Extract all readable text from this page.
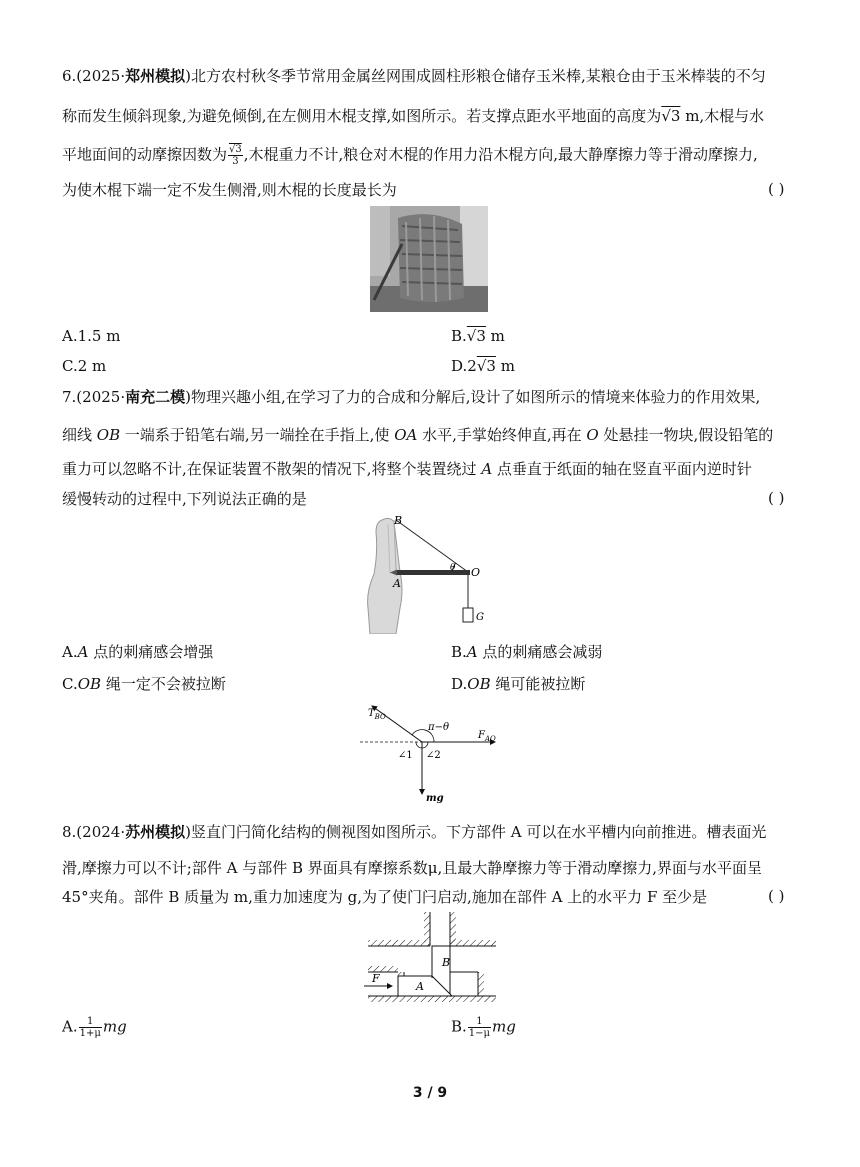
6.(2025·郑州模拟)北方农村秋冬季节常用金属丝网围成圆柱形粮仓储存玉米棒,某粮仓由于玉米棒装的不匀
称而发生倾斜现象,为避免倾倒,在左侧用木棍支撑,如图所示。若支撑点距水平地面的高度为√3 m,木棍与水
平地面间的动摩擦因数为 $\frac{√3}{3}$ ,木棍重力不计,粮仓对木棍的作用力沿木棍方向,最大静摩擦力等于滑动摩擦力,
为使木棍下端一定不发生侧滑,则木棍的长度最长为	( )
A.1.5 m	B.√3 m
C.2 m	D.2√3 m
7.(2025·南充二模)物理兴趣小组,在学习了力的合成和分解后,设计了如图所示的情境来体验力的作用效果,
细线 OB 一端系于铅笔右端,另一端拴在手指上,使 OA 水平,手掌始终伸直,再在 O 处悬挂一物块,假设铅笔的
重力可以忽略不计,在保证装置不散架的情况下,将整个装置绕过 A 点垂直于纸面的轴在竖直平面内逆时针
缓慢转动的过程中,下列说法正确的是	( )
B
O
A
G
θ
A.A 点的刺痛感会增强	B.A 点的刺痛感会减弱
C.OB 绳一定不会被拉断	D.OB 绳可能被拉断
$T_{BO}$
π−θ
$F_{AO}$
∠1 ∠2
mg
8.(2024·苏州模拟)竖直门闩简化结构的侧视图如图所示。下方部件 A 可以在水平槽内向前推进。槽表面光
滑,摩擦力可以不计;部件 A 与部件 B 界面具有摩擦系数μ,且最大静摩擦力等于滑动摩擦力,界面与水平面呈
45°夹角。部件 B 质量为 m,重力加速度为 g,为了使门闩启动,施加在部件 A 上的水平力 F 至少是	( )
F
A
B
A. $\frac{1}{1+\mu}$ mg	B. $\frac{1}{1-\mu}$ mg
3 / 9
